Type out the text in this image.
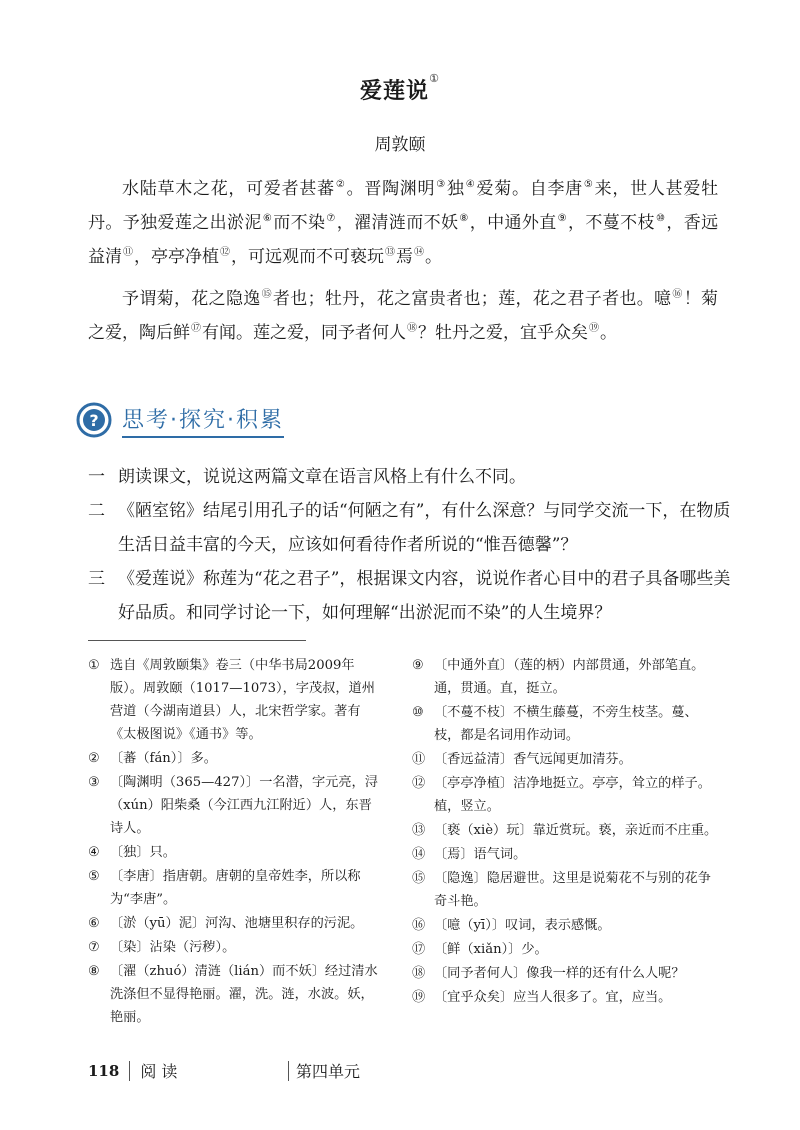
爱莲说①
周敦颐

水陆草木之花，可爱者甚蕃②。晋陶渊明③独④爱菊。自李唐⑤来，世人甚爱牡丹。予独爱莲之出淤泥⑥而不染⑦，濯清涟而不妖⑧，中通外直⑨，不蔓不枝⑩，香远益清⑪，亭亭净植⑫，可远观而不可亵玩⑬焉⑭。

予谓菊，花之隐逸⑮者也；牡丹，花之富贵者也；莲，花之君子者也。噫⑯！菊之爱，陶后鲜⑰有闻。莲之爱，同予者何人⑱？牡丹之爱，宜乎众矣⑲。

? 思考·探究·积累
一 朗读课文，说说这两篇文章在语言风格上有什么不同。
二 《陋室铭》结尾引用孔子的话“何陋之有”，有什么深意？与同学交流一下，在物质生活日益丰富的今天，应该如何看待作者所说的“惟吾德馨”？
三 《爱莲说》称莲为“花之君子”，根据课文内容，说说作者心目中的君子具备哪些美好品质。和同学讨论一下，如何理解“出淤泥而不染”的人生境界？
① 选自《周敦颐集》卷三（中华书局2009年版）。周敦颐（1017—1073），字茂叔，道州营道（今湖南道县）人，北宋哲学家。著有《太极图说》《通书》等。
② 〔蕃（fán）〕多。
③ 〔陶渊明（365—427）〕一名潜，字元亮，浔（xún）阳柴桑（今江西九江附近）人，东晋诗人。
④ 〔独〕只。
⑤ 〔李唐〕指唐朝。唐朝的皇帝姓李，所以称为“李唐”。
⑥ 〔淤（yū）泥〕河沟、池塘里积存的污泥。
⑦ 〔染〕沾染（污秽）。
⑧ 〔濯（zhuó）清涟（lián）而不妖〕经过清水洗涤但不显得艳丽。濯，洗。涟，水波。妖，艳丽。
⑨ 〔中通外直〕（莲的柄）内部贯通，外部笔直。通，贯通。直，挺立。
⑩ 〔不蔓不枝〕不横生藤蔓，不旁生枝茎。蔓、枝，都是名词用作动词。
⑪ 〔香远益清〕香气远闻更加清芬。
⑫ 〔亭亭净植〕洁净地挺立。亭亭，耸立的样子。植，竖立。
⑬ 〔亵（xiè）玩〕靠近赏玩。亵，亲近而不庄重。
⑭ 〔焉〕语气词。
⑮ 〔隐逸〕隐居避世。这里是说菊花不与别的花争奇斗艳。
⑯ 〔噫（yī）〕叹词，表示感慨。
⑰ 〔鲜（xiǎn）〕少。
⑱ 〔同予者何人〕像我一样的还有什么人呢？
⑲ 〔宜乎众矣〕应当人很多了。宜，应当。
118 阅 读	第四单元
